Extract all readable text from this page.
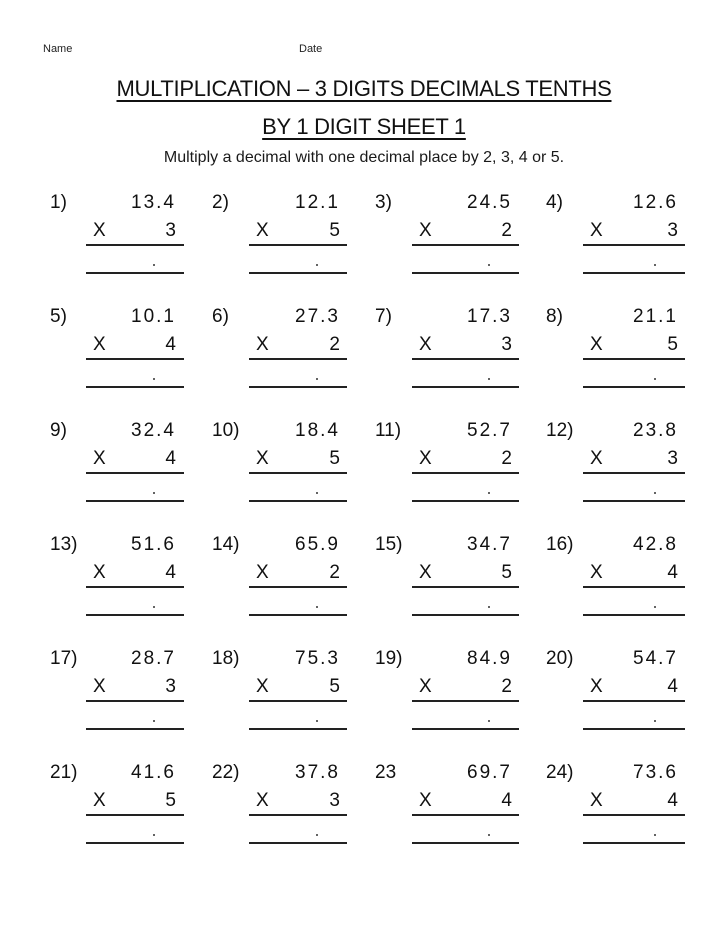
Name	Date
MULTIPLICATION – 3 DIGITS DECIMALS TENTHS
BY 1 DIGIT SHEET 1
Multiply a decimal with one decimal place by 2, 3, 4 or 5.
1)	13.4
X	3
2)	12.1
X	5
3)	24.5
X	2
4)	12.6
X	3
5)	10.1
X	4
6)	27.3
X	2
7)	17.3
X	3
8)	21.1
X	5
9)	32.4
X	4
10)	18.4
X	5
11)	52.7
X	2
12)	23.8
X	3
13)	51.6
X	4
14)	65.9
X	2
15)	34.7
X	5
16)	42.8
X	4
17)	28.7
X	3
18)	75.3
X	5
19)	84.9
X	2
20)	54.7
X	4
21)	41.6
X	5
22)	37.8
X	3
23	69.7
X	4
24)	73.6
X	4
